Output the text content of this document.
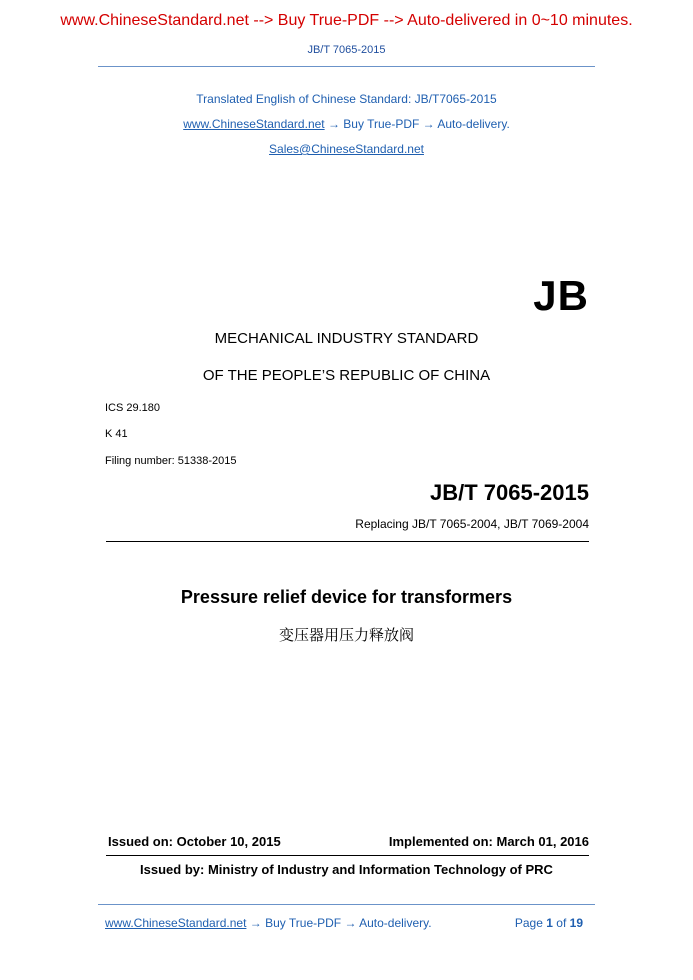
www.ChineseStandard.net --> Buy True-PDF --> Auto-delivered in 0~10 minutes.
JB/T 7065-2015
Translated English of Chinese Standard: JB/T7065-2015
www.ChineseStandard.net → Buy True-PDF → Auto-delivery.
Sales@ChineseStandard.net
JB
MECHANICAL INDUSTRY STANDARD
OF THE PEOPLE’S REPUBLIC OF CHINA
ICS 29.180
K 41
Filing number: 51338-2015
JB/T 7065-2015
Replacing JB/T 7065-2004, JB/T 7069-2004
Pressure relief device for transformers
变压器用压力释放阀
Issued on: October 10, 2015	Implemented on: March 01, 2016
Issued by: Ministry of Industry and Information Technology of PRC
www.ChineseStandard.net → Buy True-PDF → Auto-delivery.	Page 1 of 19
